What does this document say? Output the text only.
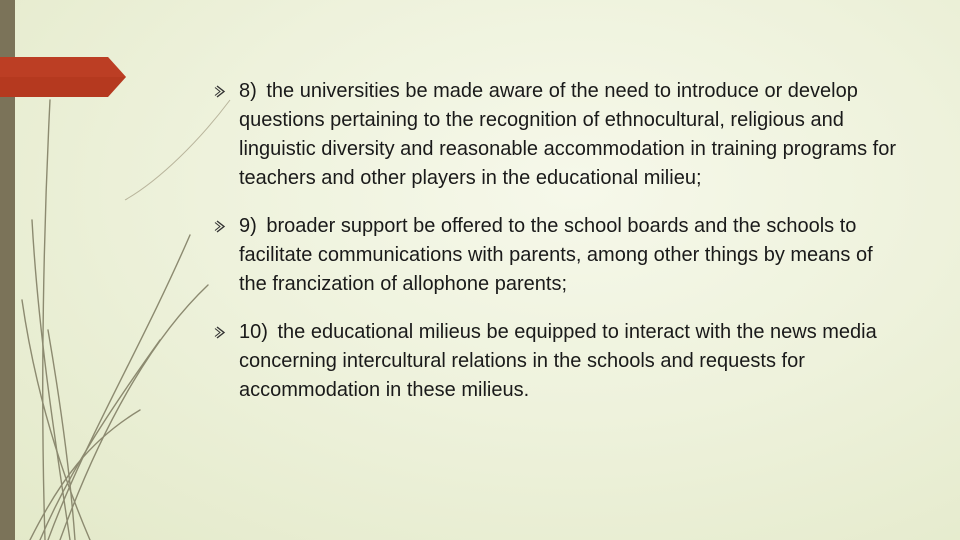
8) the universities be made aware of the need to introduce or develop questions pertaining to the recognition of ethnocultural, religious and linguistic diversity and reasonable accommodation in training programs for teachers and other players in the educational milieu;
9) broader support be offered to the school boards and the schools to facilitate communications with parents, among other things by means of the francization of allophone parents;
10) the educational milieus be equipped to interact with the news media concerning intercultural relations in the schools and requests for accommodation in these milieus.
